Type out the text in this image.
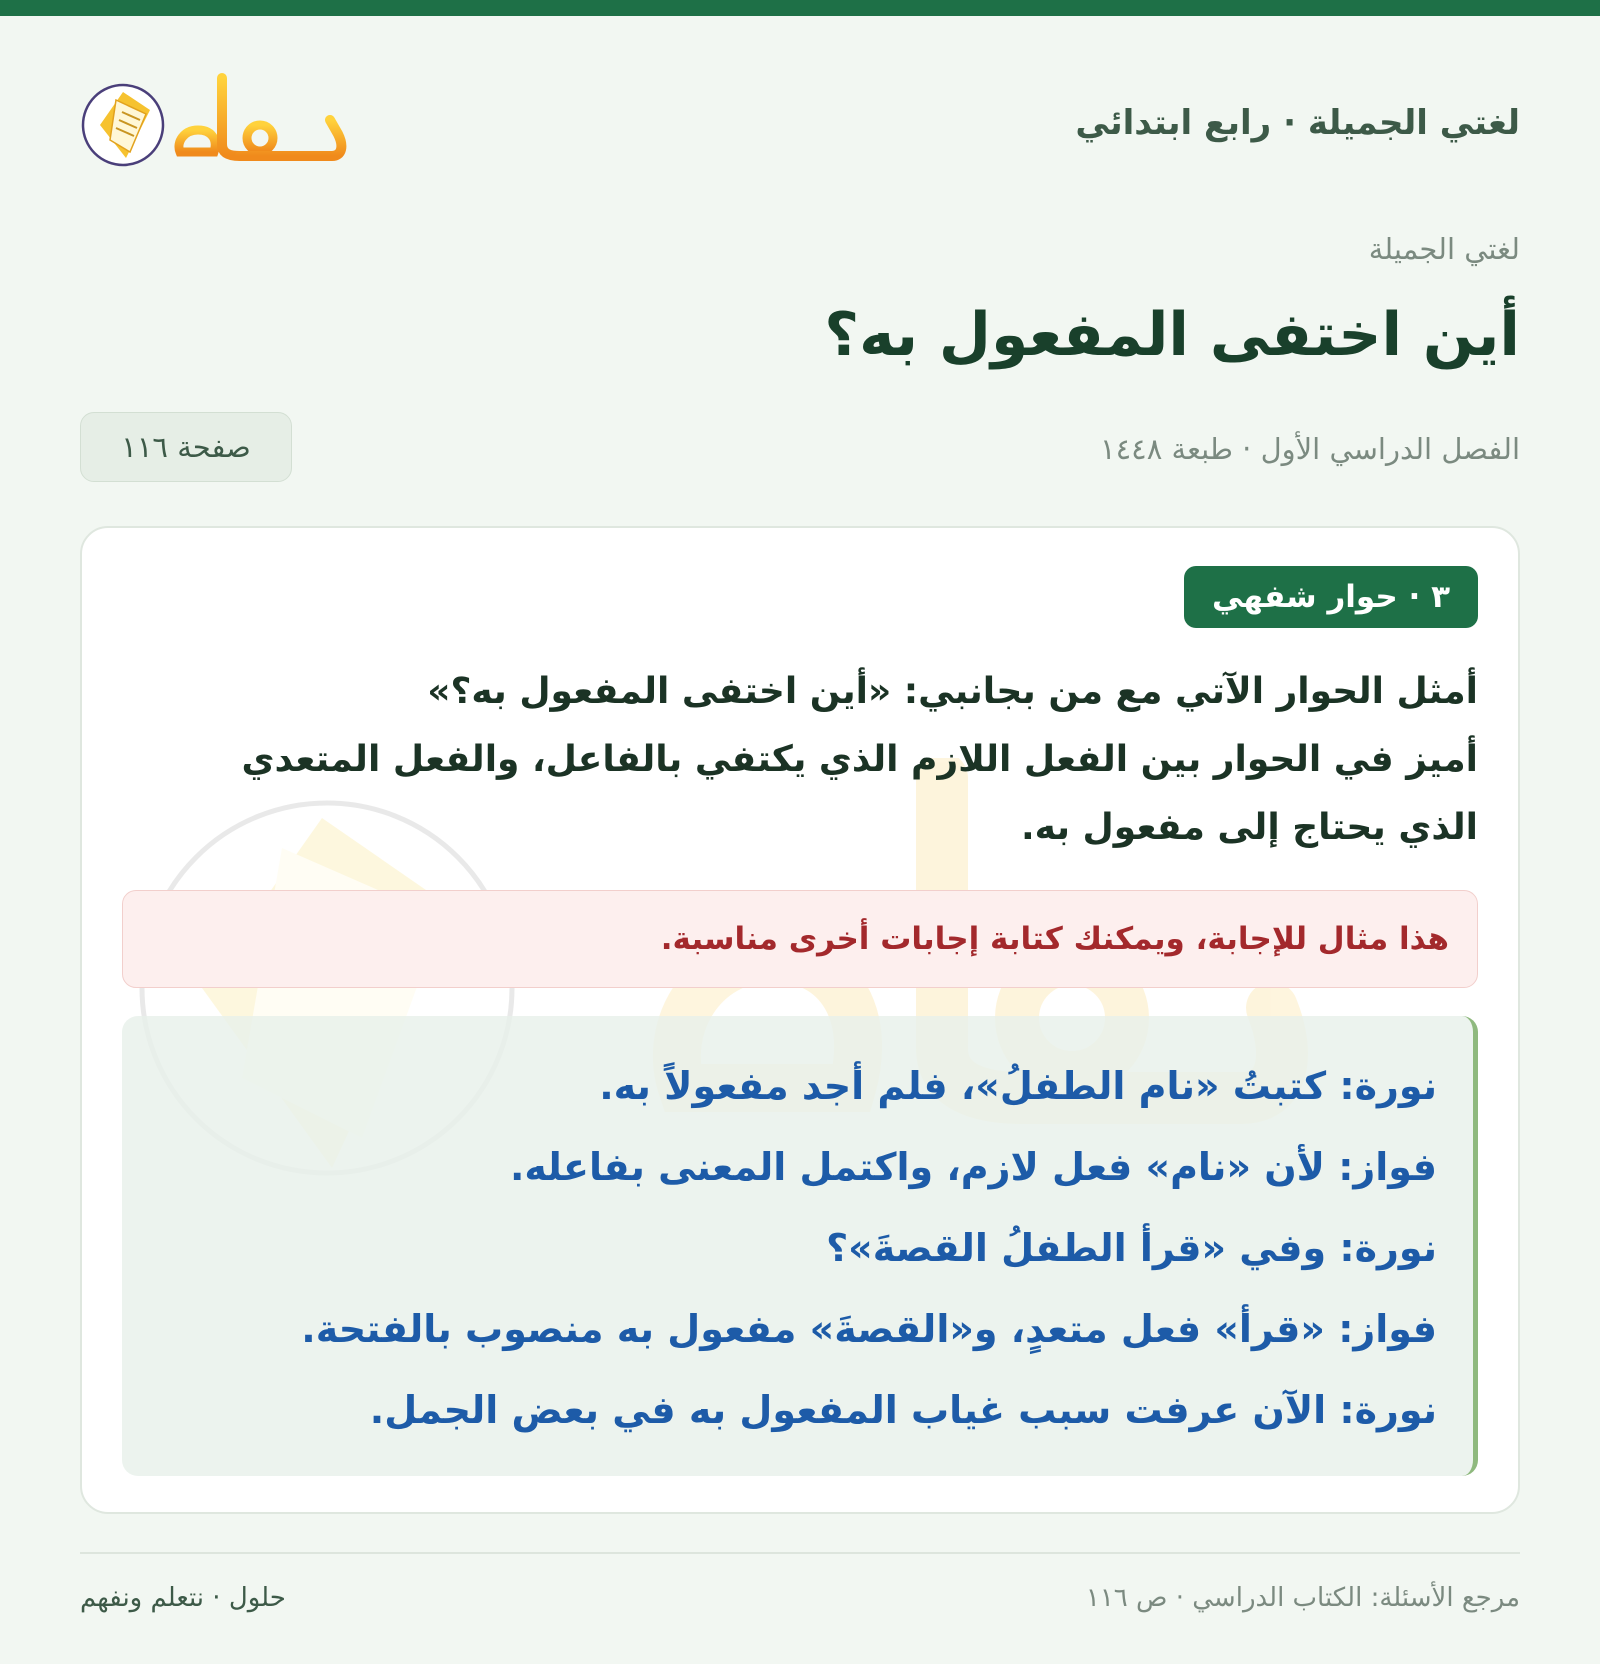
لغتي الجميلة · رابع ابتدائي
لغتي الجميلة
أين اختفى المفعول به؟
الفصل الدراسي الأول · طبعة ١٤٤٨
صفحة ١١٦
٣ · حوار شفهي

أمثل الحوار الآتي مع من بجانبي: «أين اختفى المفعول به؟»
أميز في الحوار بين الفعل اللازم الذي يكتفي بالفاعل، والفعل المتعدي
الذي يحتاج إلى مفعول به.

هذا مثال للإجابة، ويمكنك كتابة إجابات أخرى مناسبة.

نورة: كتبتُ «نام الطفلُ»، فلم أجد مفعولاً به.

فواز: لأن «نام» فعل لازم، واكتمل المعنى بفاعله.

نورة: وفي «قرأ الطفلُ القصةَ»؟

فواز: «قرأ» فعل متعدٍ، و«القصةَ» مفعول به منصوب بالفتحة.

نورة: الآن عرفت سبب غياب المفعول به في بعض الجمل.

مرجع الأسئلة: الكتاب الدراسي · ص ١١٦
حلول · نتعلم ونفهم
